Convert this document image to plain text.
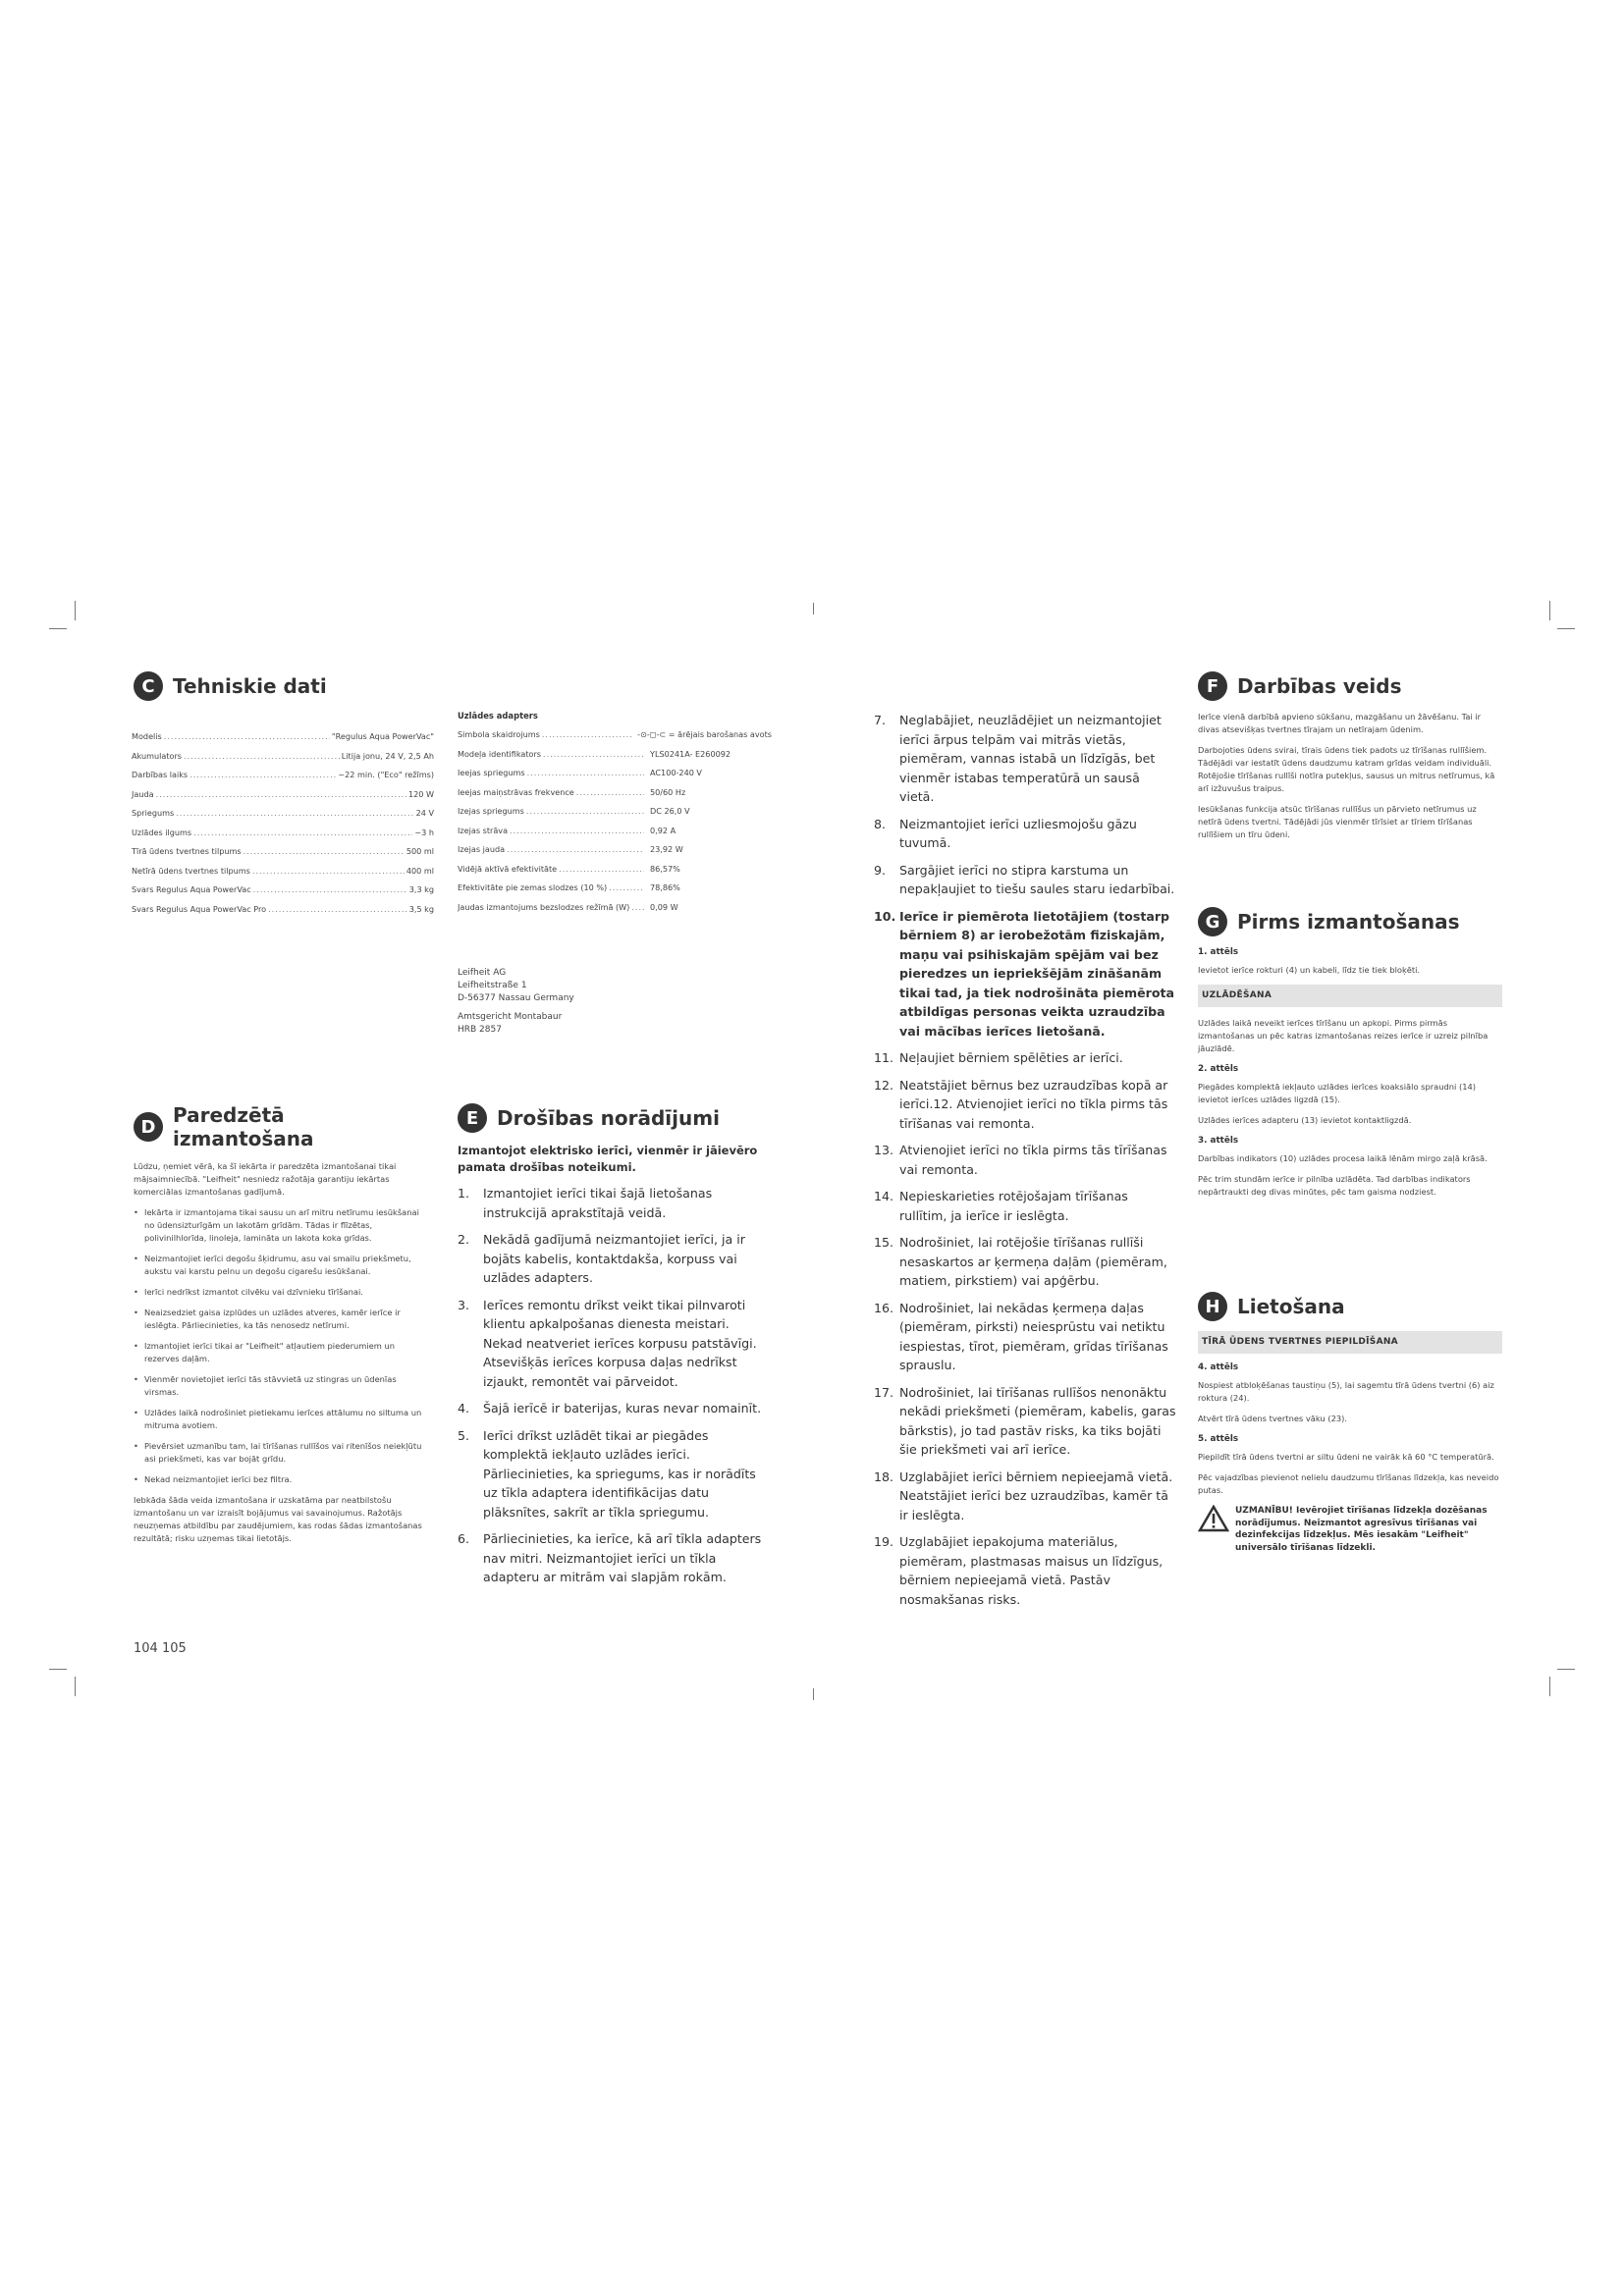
C Tehniskie dati
Modelis .....	"Regulus Aqua PowerVac"
Akumulators .....	Litija jonu, 24 V, 2,5 Ah
Darbības laiks .....	~22 min. ("Eco" režīms)
Jauda .....	120 W
Spriegums .....	24 V
Uzlādes ilgums .....	~3 h
Tīrā ūdens tvertnes tilpums .....	500 ml
Netīrā ūdens tvertnes tilpums .....	400 ml
Svars Regulus Aqua PowerVac .....	3,3 kg
Svars Regulus Aqua PowerVac Pro .....	3,5 kg
Uzlādes adapters
Simbola skaidrojums .....	-⊙-◻-⊂ = ārējais barošanas avots
Modeļa identifikators .....	YLS0241A- E260092
Ieejas spriegums .....	AC100-240 V
Ieejas maiņstrāvas frekvence .....	50/60 Hz
Izejas spriegums .....	DC 26,0 V
Izejas strāva .....	0,92 A
Izejas jauda .....	23,92 W
Vidējā aktīvā efektivitāte .....	86,57%
Efektivitāte pie zemas slodzes (10 %) .....	78,86%
Jaudas izmantojums bezslodzes režīmā (W) .....	0,09 W
Leifheit AG
Leifheitstraße 1
D-56377 Nassau Germany
Amtsgericht Montabaur
HRB 2857
D Paredzētā izmantošana

Lūdzu, ņemiet vērā, ka šī iekārta ir paredzēta izmantošanai tikai mājsaimniecībā. "Leifheit" nesniedz ražotāja garantiju iekārtas komerciālas izmantošanas gadījumā.

• Iekārta ir izmantojama tikai sausu un arī mitru netīrumu iesūkšanai no ūdensizturīgām un lakotām grīdām. Tādas ir flīzētas, polivinilhlorīda, linoleja, lamināta un lakota koka grīdas.
• Neizmantojiet ierīci degošu šķidrumu, asu vai smailu priekšmetu, aukstu vai karstu pelnu un degošu cigarešu iesūkšanai.
• Ierīci nedrīkst izmantot cilvēku vai dzīvnieku tīrīšanai.
• Neaizsedziet gaisa izplūdes un uzlādes atveres, kamēr ierīce ir ieslēgta. Pārliecinieties, ka tās nenosedz netīrumi.
• Izmantojiet ierīci tikai ar "Leifheit" atļautiem piederumiem un rezerves daļām.
• Vienmēr novietojiet ierīci tās stāvvietā uz stingras un ūdenīas virsmas.
• Uzlādes laikā nodrošiniet pietiekamu ierīces attālumu no siltuma un mitruma avotiem.
• Pievērsiet uzmanību tam, lai tīrīšanas rullīšos vai ritenīšos neiekļūtu asi priekšmeti, kas var bojāt grīdu.
• Nekad neizmantojiet ierīci bez filtra.

Iebkāda šāda veida izmantošana ir uzskatāma par neatbilstošu izmantošanu un var izraisīt bojājumus vai savainojumus. Ražotājs neuzņemas atbildību par zaudējumiem, kas rodas šādas izmantošanas rezultātā; risku uzņemas tikai lietotājs.

104 105
E Drošības norādījumi

Izmantojot elektrisko ierīci, vienmēr ir jāievēro pamata drošības noteikumi.

1.	Izmantojiet ierīci tikai šajā lietošanas instrukcijā aprakstītajā veidā.
2.	Nekādā gadījumā neizmantojiet ierīci, ja ir bojāts kabelis, kontaktdakša, korpuss vai uzlādes adapters.
3.	Ierīces remontu drīkst veikt tikai pilnvaroti klientu apkalpošanas dienesta meistari. Nekad neatveriet ierīces korpusu patstāvīgi. Atsevišķās ierīces korpusa daļas nedrīkst izjaukt, remontēt vai pārveidot.
4.	Šajā ierīcē ir baterijas, kuras nevar nomainīt.
5.	Ierīci drīkst uzlādēt tikai ar piegādes komplektā iekļauto uzlādes ierīci. Pārliecinieties, ka spriegums, kas ir norādīts uz tīkla adaptera identifikācijas datu plāksnītes, sakrīt ar tīkla spriegumu.
6.	Pārliecinieties, ka ierīce, kā arī tīkla adapters nav mitri. Neizmantojiet ierīci un tīkla adapteru ar mitrām vai slapjām rokām.
7.	Neglabājiet, neuzlādējiet un neizmantojiet ierīci ārpus telpām vai mitrās vietās, piemēram, vannas istabā un līdzīgās, bet vienmēr istabas temperatūrā un sausā vietā.
8.	Neizmantojiet ierīci uzliesmojošu gāzu tuvumā.
9.	Sargājiet ierīci no stipra karstuma un nepakļaujiet to tiešu saules staru iedarbībai.
10. Ierīce ir piemērota lietotājiem (tostarp bērniem 8) ar ierobežotām fiziskajām, maņu vai psihiskajām spējām vai bez pieredzes un iepriekšējām zināšanām tikai tad, ja tiek nodrošināta piemērota atbildīgas personas veikta uzraudzība vai mācības ierīces lietošanā.
11. Neļaujiet bērniem spēlēties ar ierīci.
12. Neatstājiet bērnus bez uzraudzības kopā ar ierīci.12. Atvienojiet ierīci no tīkla pirms tās tīrīšanas vai remonta.
13. Atvienojiet ierīci no tīkla pirms tās tīrīšanas vai remonta.
14. Nepieskarieties rotējošajam tīrīšanas rullītim, ja ierīce ir ieslēgta.
15. Nodrošiniet, lai rotējošie tīrīšanas rullīši nesaskartos ar ķermeņa daļām (piemēram, matiem, pirkstiem) vai apģērbu.
16. Nodrošiniet, lai nekādas ķermeņa daļas (piemēram, pirksti) neiesprūstu vai netiktu iespiestas, tīrot, piemēram, grīdas tīrīšanas sprauslu.
17. Nodrošiniet, lai tīrīšanas rullīšos nenonāktu nekādi priekšmeti (piemēram, kabelis, garas bārkstis), jo tad pastāv risks, ka tiks bojāti šie priekšmeti vai arī ierīce.
18. Uzglabājiet ierīci bērniem nepieejamā vietā. Neatstājiet ierīci bez uzraudzības, kamēr tā ir ieslēgta.
19. Uzglabājiet iepakojuma materiālus, piemēram, plastmasas maisus un līdzīgus, bērniem nepieejamā vietā. Pastāv nosmakšanas risks.
F Darbības veids

Ierīce vienā darbībā apvieno sūkšanu, mazgāšanu un žāvēšanu. Tai ir divas atsevišķas tvertnes tīrajam un netīrajam ūdenim.

Darbojoties ūdens svirai, tīrais ūdens tiek padots uz tīrīšanas rullīšiem. Tādējādi var iestatīt ūdens daudzumu katram grīdas veidam individuāli. Rotējošie tīrīšanas rullīši notīra putekļus, sausus un mitrus netīrumus, kā arī izžuvušus traipus.

Iesūkšanas funkcija atsūc tīrīšanas rullīšus un pārvieto netīrumus uz netīrā ūdens tvertni. Tādējādi jūs vienmēr tīrīsiet ar tīriem tīrīšanas rullīšiem un tīru ūdeni.

G Pirms izmantošanas
1. attēls

Ievietot ierīce rokturi (4) un kabeli, līdz tie tiek bloķēti.

UZLĀDĒŠANA

Uzlādes laikā neveikt ierīces tīrīšanu un apkopi. Pirms pirmās izmantošanas un pēc katras izmantošanas reizes ierīce ir uzreiz pilnība jāuzlādē.

2. attēls

Piegādes komplektā iekļauto uzlādes ierīces koaksiālo spraudni (14) ievietot ierīces uzlādes ligzdā (15).

Uzlādes ierīces adapteru (13) ievietot kontaktligzdā.

3. attēls

Darbības indikators (10) uzlādes procesa laikā lēnām mirgo zaļā krāsā.

Pēc trim stundām ierīce ir pilnība uzlādēta. Tad darbības indikators nepārtraukti deg divas minūtes, pēc tam gaisma nodziest.

H Lietošana
TĪRĀ ŪDENS TVERTNES PIEPILDĪŠANA
4. attēls

Nospiest atbloķēšanas taustiņu (5), lai sagemtu tīrā ūdens tvertni (6) aiz roktura (24).

Atvērt tīrā ūdens tvertnes vāku (23).

5. attēls

Piepildīt tīrā ūdens tvertni ar siltu ūdeni ne vairāk kā 60 °C temperatūrā.

Pēc vajadzības pievienot nelielu daudzumu tīrīšanas līdzekļa, kas neveido putas.

UZMANĪBU! Ievērojiet tīrīšanas līdzekļa dozēšanas norādījumus. Neizmantot agresīvus tīrīšanas vai dezinfekcijas līdzekļus. Mēs iesakām "Leifheit" universālo tīrīšanas līdzekli.
